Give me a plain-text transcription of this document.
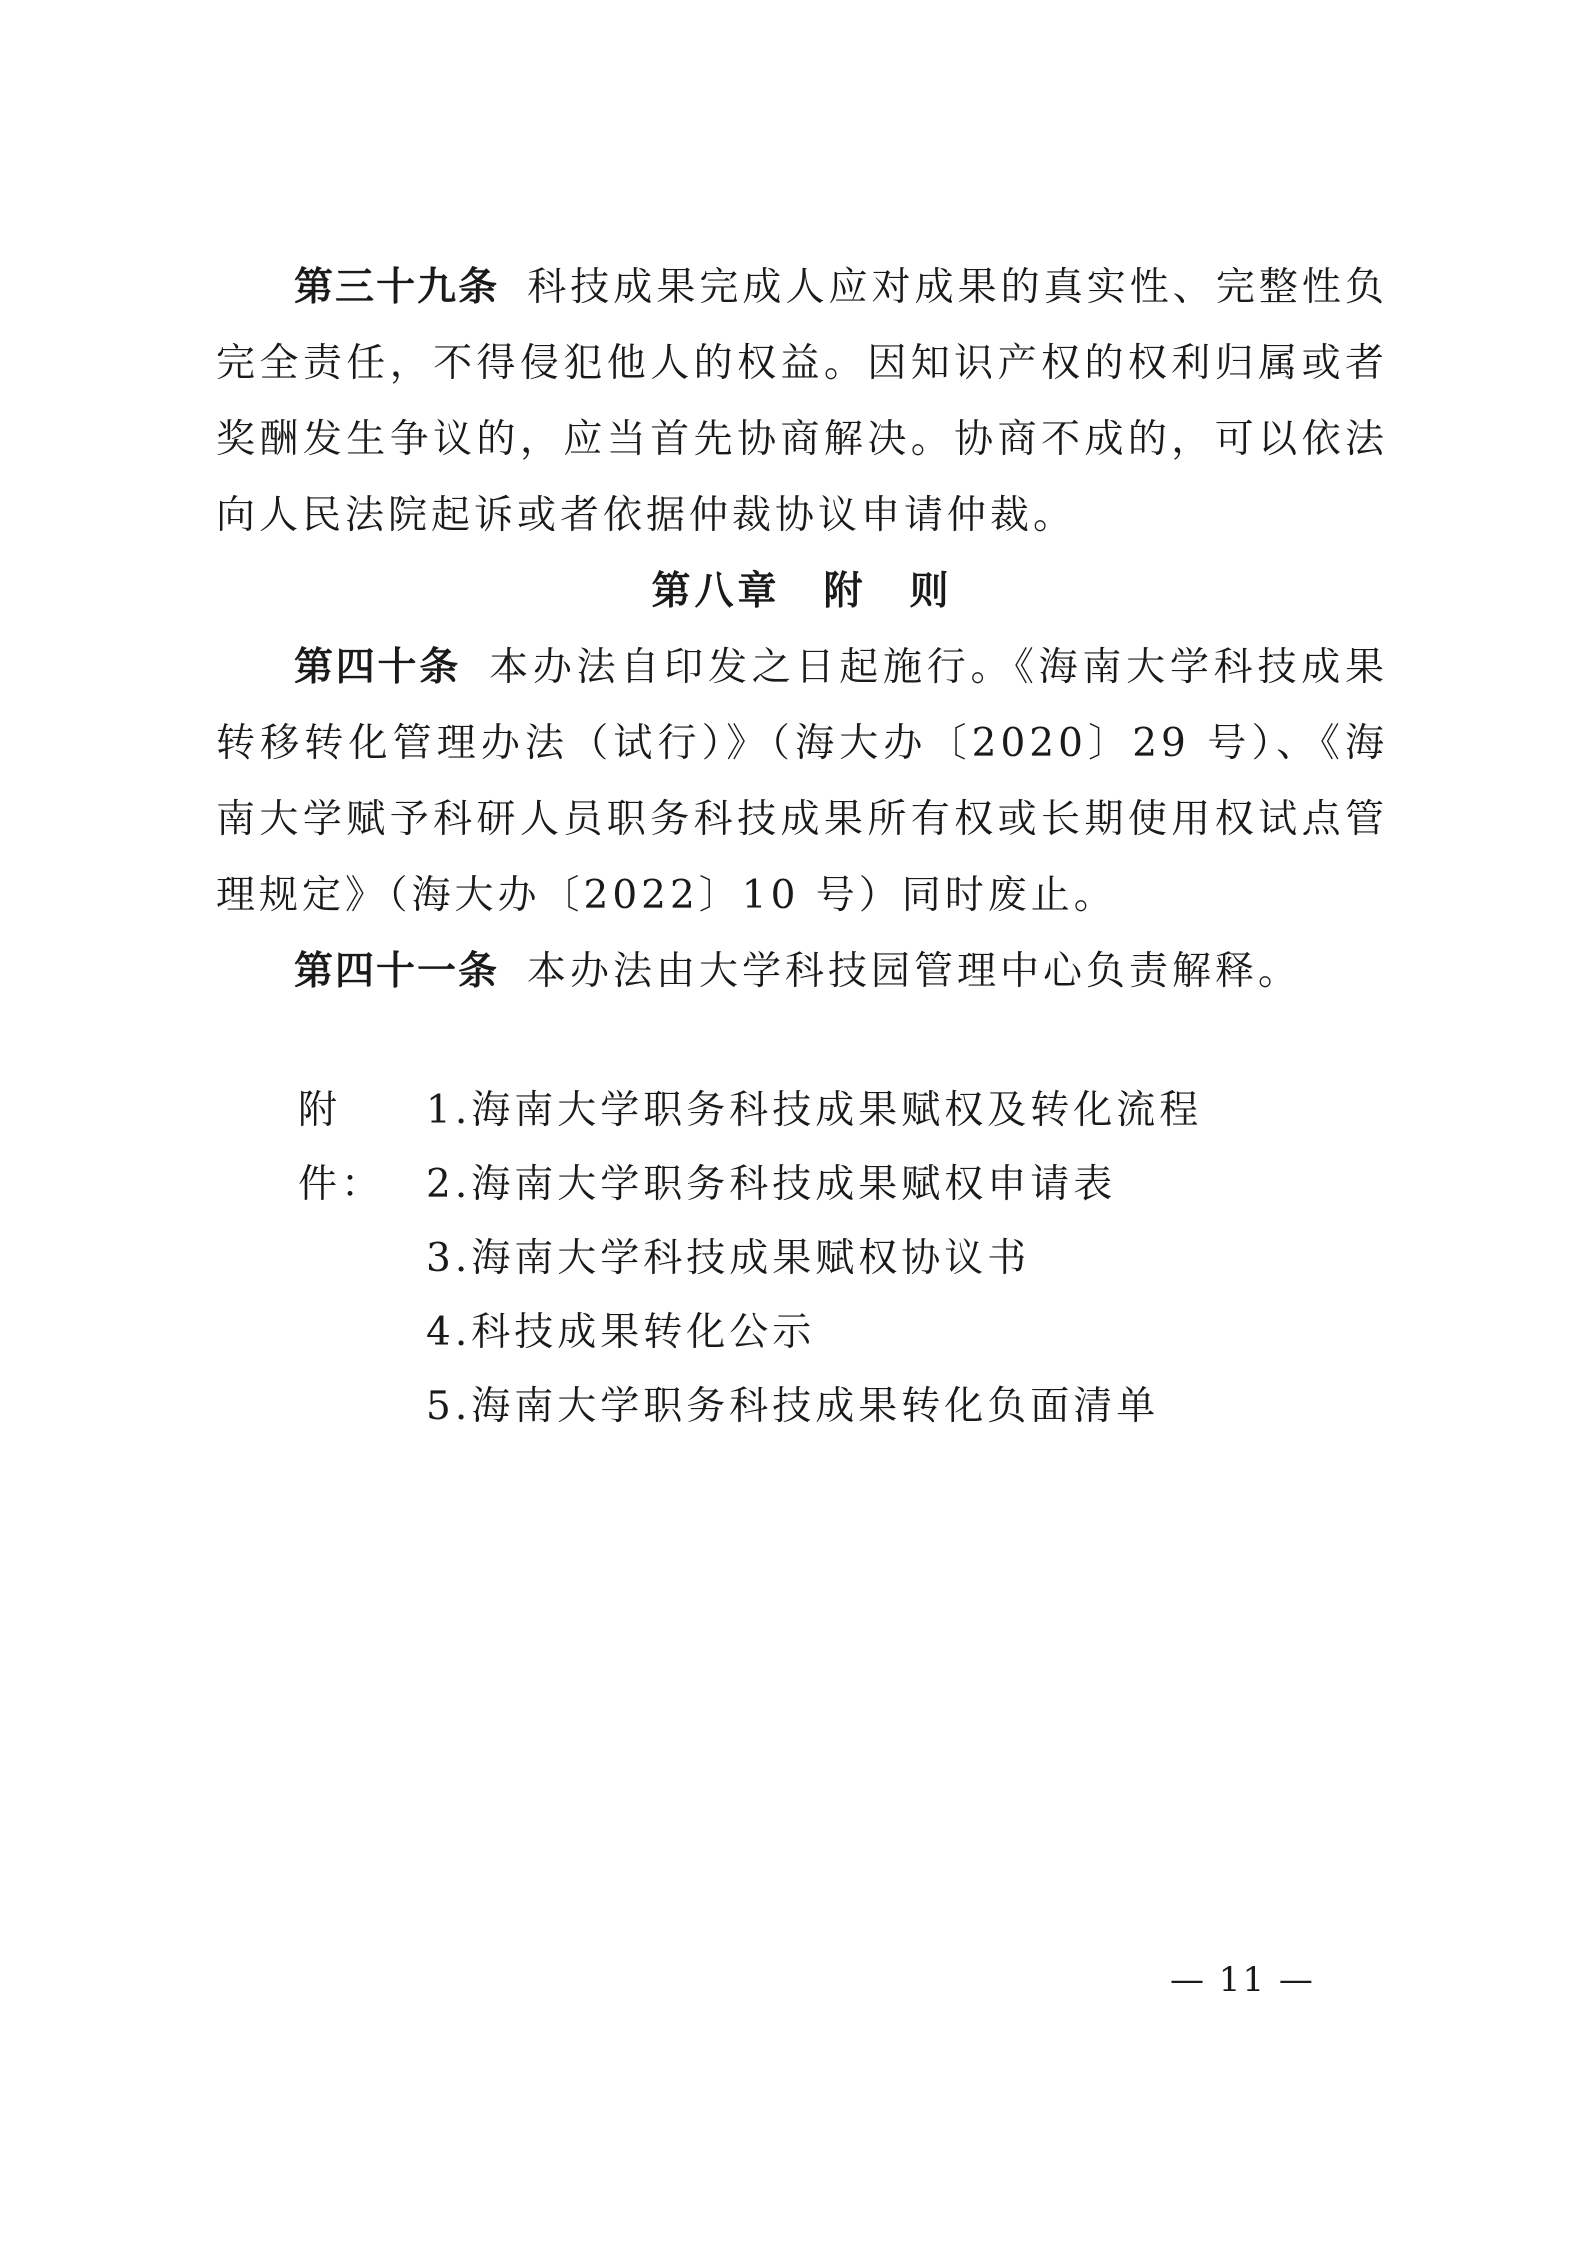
第三十九条 科技成果完成人应对成果的真实性、完整性负完全责任，不得侵犯他人的权益。因知识产权的权利归属或者奖酬发生争议的，应当首先协商解决。协商不成的，可以依法向人民法院起诉或者依据仲裁协议申请仲裁。

第八章　附　则

第四十条 本办法自印发之日起施行。《海南大学科技成果转移转化管理办法（试行）》（海大办〔2020〕29 号）、《海南大学赋予科研人员职务科技成果所有权或长期使用权试点管理规定》（海大办〔2022〕10 号）同时废止。

第四十一条 本办法由大学科技园管理中心负责解释。

附件：
1.海南大学职务科技成果赋权及转化流程
2.海南大学职务科技成果赋权申请表
3.海南大学科技成果赋权协议书
4.科技成果转化公示
5.海南大学职务科技成果转化负面清单
— 11 —
